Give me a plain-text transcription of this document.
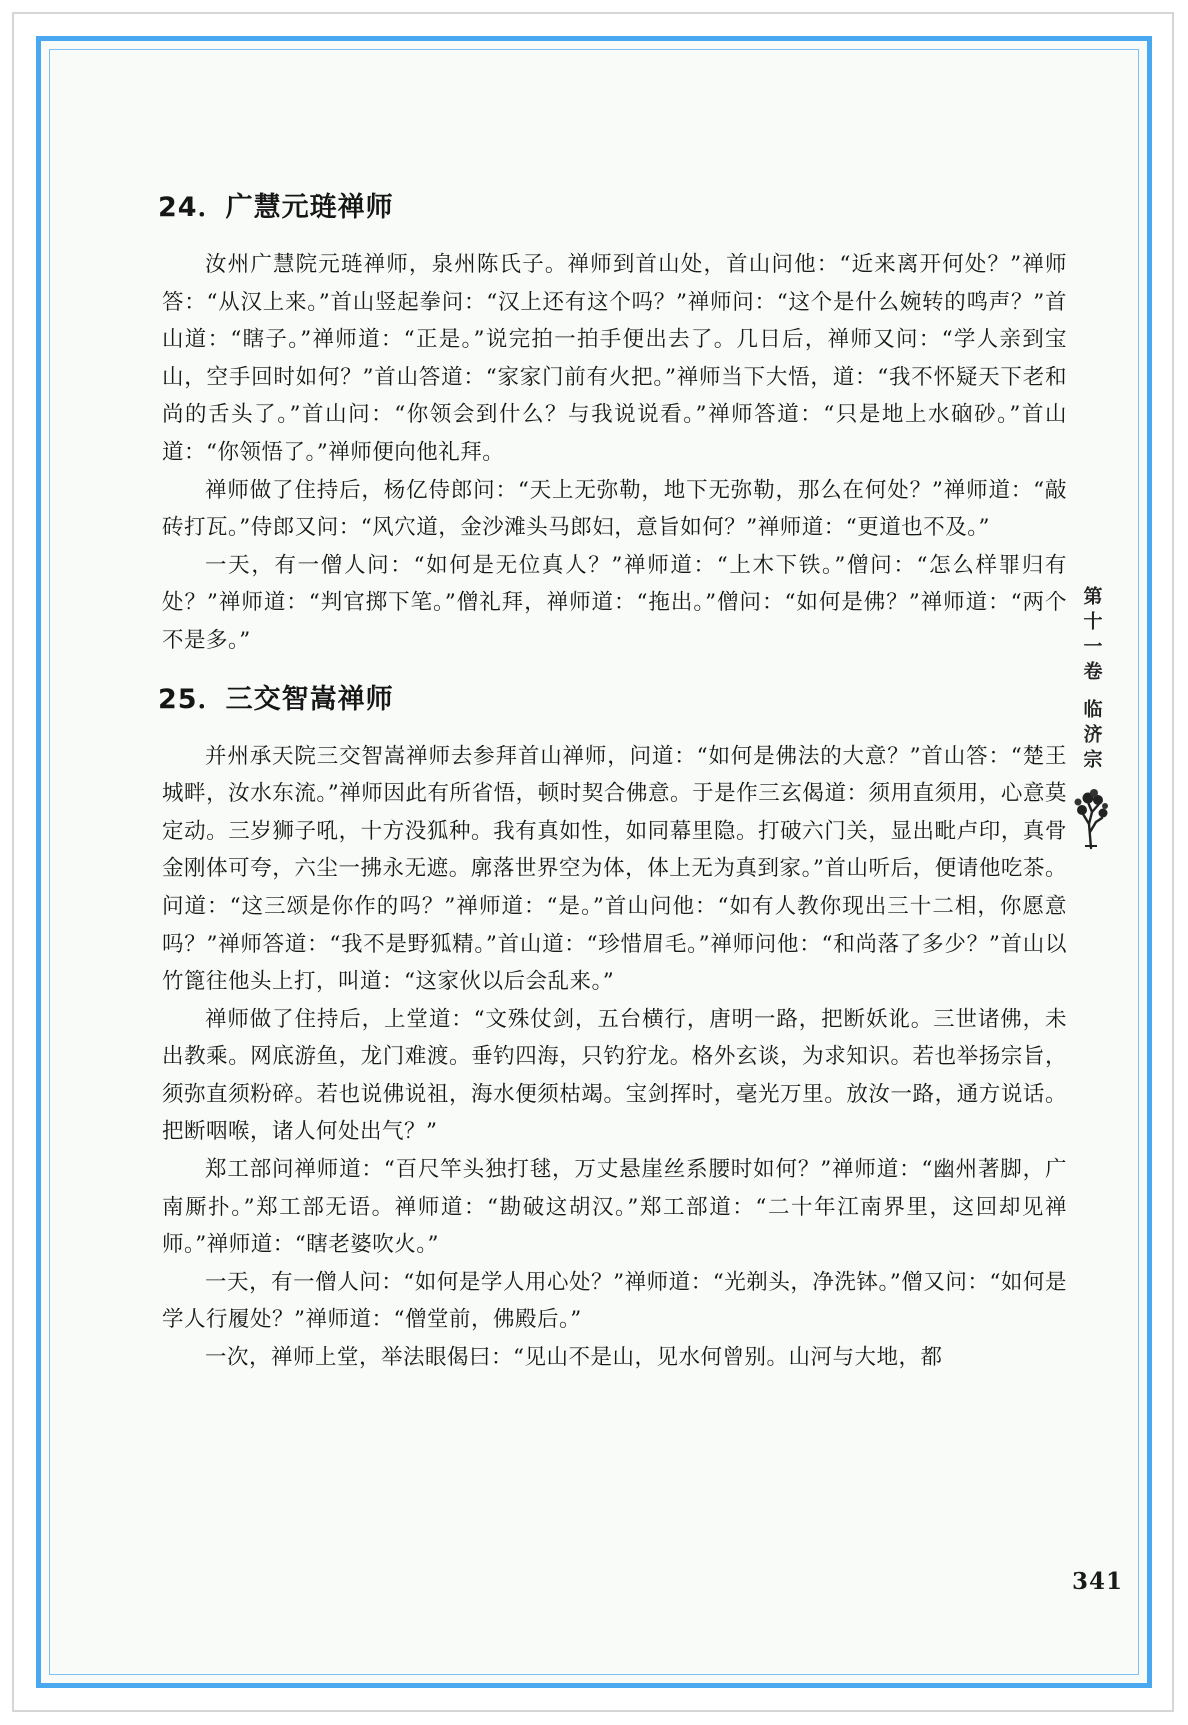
24．广慧元琏禅师

汝州广慧院元琏禅师，泉州陈氏子。禅师到首山处，首山问他：“近来离开何处？”禅师答：“从汉上来。”首山竖起拳问：“汉上还有这个吗？”禅师问：“这个是什么婉转的鸣声？”首山道：“瞎子。”禅师道：“正是。”说完拍一拍手便出去了。几日后，禅师又问：“学人亲到宝山，空手回时如何？”首山答道：“家家门前有火把。”禅师当下大悟，道：“我不怀疑天下老和尚的舌头了。”首山问：“你领会到什么？与我说说看。”禅师答道：“只是地上水硇砂。”首山道：“你领悟了。”禅师便向他礼拜。

禅师做了住持后，杨亿侍郎问：“天上无弥勒，地下无弥勒，那么在何处？”禅师道：“敲砖打瓦。”侍郎又问：“风穴道，金沙滩头马郎妇，意旨如何？”禅师道：“更道也不及。”

一天，有一僧人问：“如何是无位真人？”禅师道：“上木下铁。”僧问：“怎么样罪归有处？”禅师道：“判官掷下笔。”僧礼拜，禅师道：“拖出。”僧问：“如何是佛？”禅师道：“两个不是多。”

25．三交智嵩禅师

并州承天院三交智嵩禅师去参拜首山禅师，问道：“如何是佛法的大意？”首山答：“楚王城畔，汝水东流。”禅师因此有所省悟，顿时契合佛意。于是作三玄偈道：须用直须用，心意莫定动。三岁狮子吼，十方没狐种。我有真如性，如同幕里隐。打破六门关，显出毗卢印，真骨金刚体可夸，六尘一拂永无遮。廓落世界空为体，体上无为真到家。”首山听后，便请他吃茶。问道：“这三颂是你作的吗？”禅师道：“是。”首山问他：“如有人教你现出三十二相，你愿意吗？”禅师答道：“我不是野狐精。”首山道：“珍惜眉毛。”禅师问他：“和尚落了多少？”首山以竹篦往他头上打，叫道：“这家伙以后会乱来。”

禅师做了住持后，上堂道：“文殊仗剑，五台横行，唐明一路，把断妖讹。三世诸佛，未出教乘。网底游鱼，龙门难渡。垂钓四海，只钓狞龙。格外玄谈，为求知识。若也举扬宗旨，须弥直须粉碎。若也说佛说祖，海水便须枯竭。宝剑挥时，毫光万里。放汝一路，通方说话。把断咽喉，诸人何处出气？”

郑工部问禅师道：“百尺竿头独打毬，万丈悬崖丝系腰时如何？”禅师道：“幽州著脚，广南厮扑。”郑工部无语。禅师道：“勘破这胡汉。”郑工部道：“二十年江南界里，这回却见禅师。”禅师道：“瞎老婆吹火。”

一天，有一僧人问：“如何是学人用心处？”禅师道：“光剃头，净洗钵。”僧又问：“如何是学人行履处？”禅师道：“僧堂前，佛殿后。”

一次，禅师上堂，举法眼偈曰：“见山不是山，见水何曾别。山河与大地，都

第十一卷 临济宗
341
